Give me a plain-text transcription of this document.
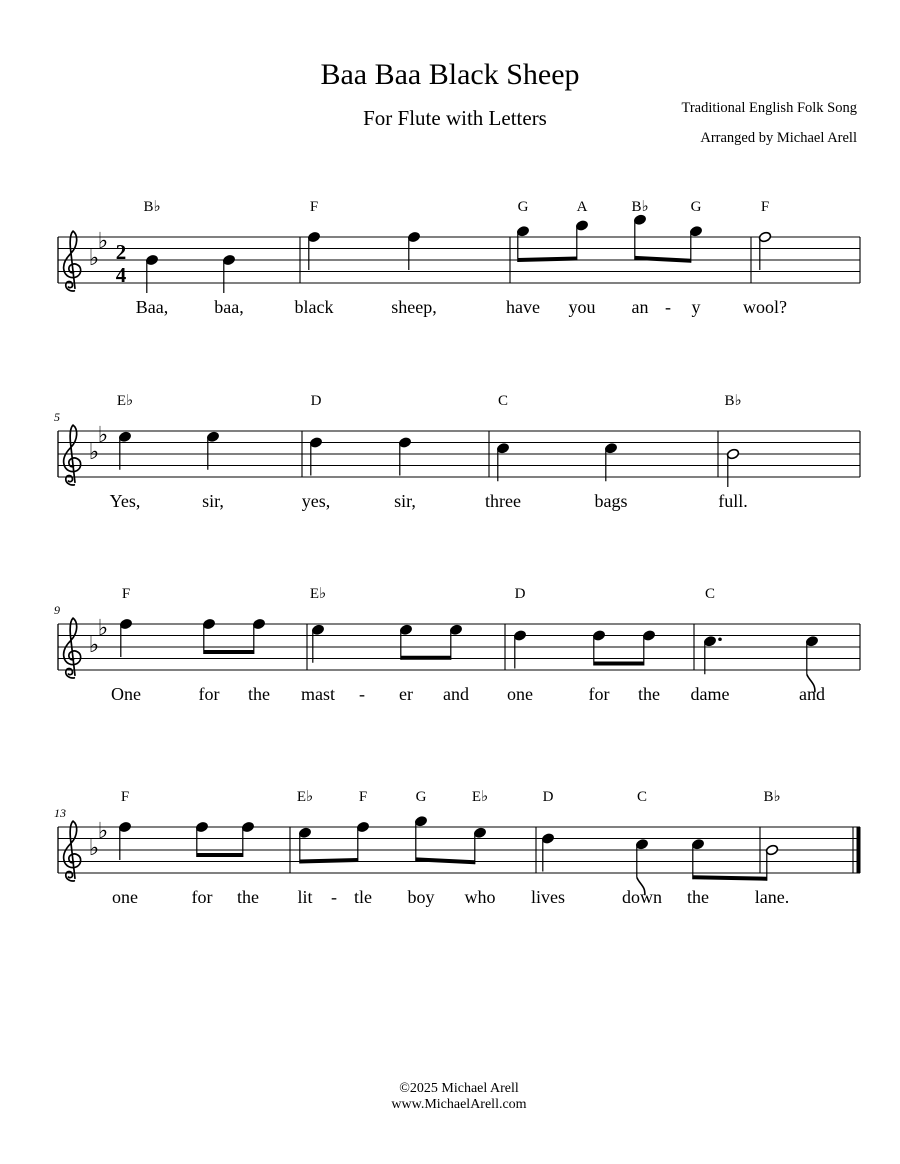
Baa Baa Black Sheep
For Flute with Letters	Traditional English Folk Song
Arranged by Michael Arell
♭
♭ 2
4
B♭
Baa,	baa,
F
black	sheep,
G
have
A
you
B♭
an
G
y
F
wool?
-
♭
♭
5
E♭
Yes,	sir,
D
yes,	sir,
C
three	bags
B♭
full.
♭
♭
9
F
One	for the
E♭
mast	er and
D
one	for the
C
dame	and
-
♭
♭
13
F
one	for the
E♭
lit
F
tle
G
boy
E♭
who
D
lives
C
down the
B♭
lane.
-
©2025 Michael Arell
www.MichaelArell.com
